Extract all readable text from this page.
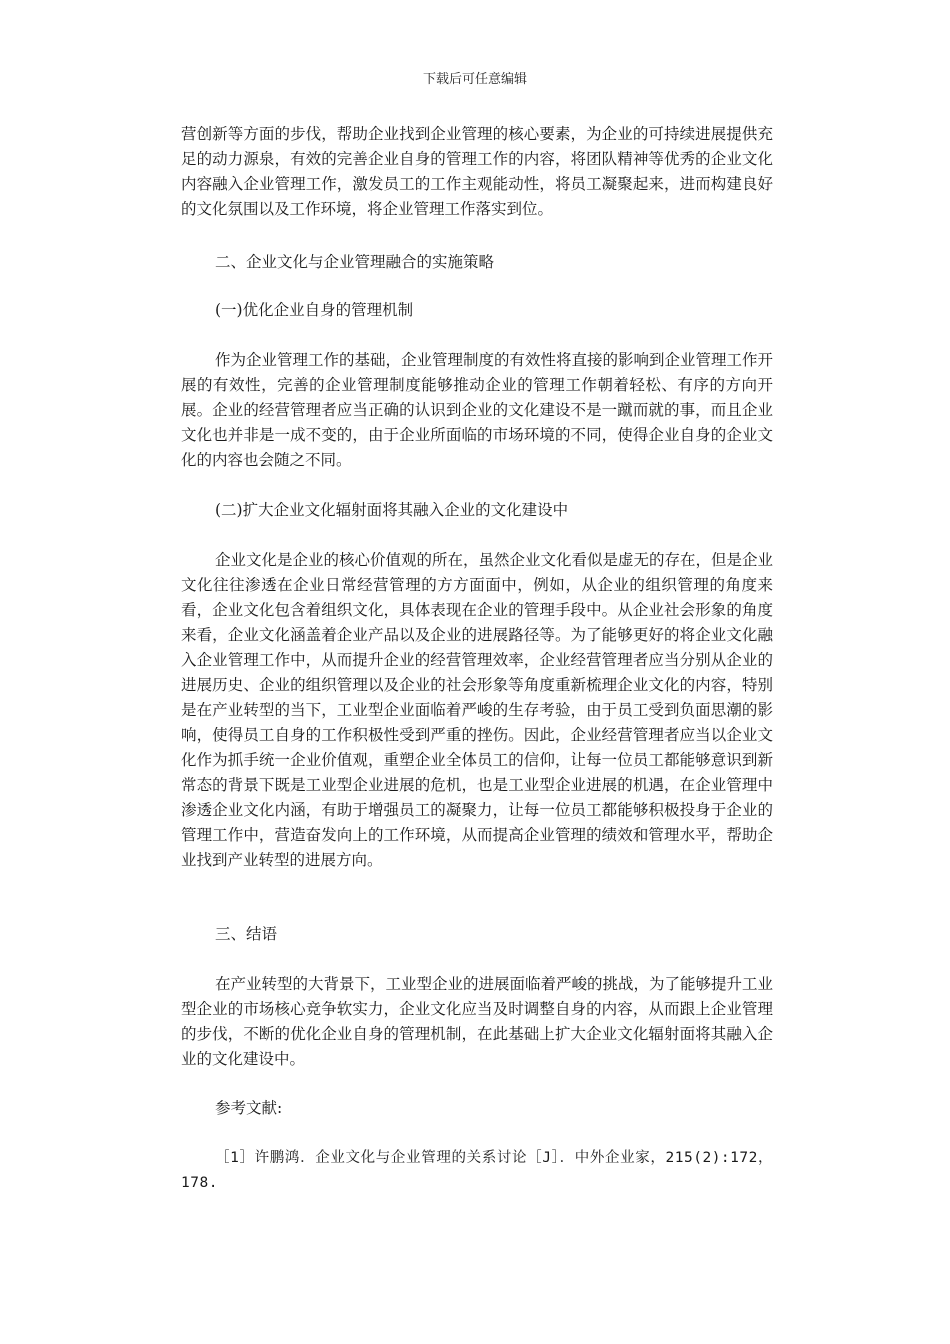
下载后可任意编辑
营创新等方面的步伐，帮助企业找到企业管理的核心要素，为企业的可持续进展提供充足的动力源泉，有效的完善企业自身的管理工作的内容，将团队精神等优秀的企业文化内容融入企业管理工作，激发员工的工作主观能动性，将员工凝聚起来，进而构建良好的文化氛围以及工作环境，将企业管理工作落实到位。
二、企业文化与企业管理融合的实施策略
(一)优化企业自身的管理机制
作为企业管理工作的基础，企业管理制度的有效性将直接的影响到企业管理工作开展的有效性，完善的企业管理制度能够推动企业的管理工作朝着轻松、有序的方向开展。企业的经营管理者应当正确的认识到企业的文化建设不是一蹴而就的事，而且企业文化也并非是一成不变的，由于企业所面临的市场环境的不同，使得企业自身的企业文化的内容也会随之不同。
(二)扩大企业文化辐射面将其融入企业的文化建设中
企业文化是企业的核心价值观的所在，虽然企业文化看似是虚无的存在，但是企业文化往往渗透在企业日常经营管理的方方面面中，例如，从企业的组织管理的角度来看，企业文化包含着组织文化，具体表现在企业的管理手段中。从企业社会形象的角度来看，企业文化涵盖着企业产品以及企业的进展路径等。为了能够更好的将企业文化融入企业管理工作中，从而提升企业的经营管理效率，企业经营管理者应当分别从企业的进展历史、企业的组织管理以及企业的社会形象等角度重新梳理企业文化的内容，特别是在产业转型的当下，工业型企业面临着严峻的生存考验，由于员工受到负面思潮的影响，使得员工自身的工作积极性受到严重的挫伤。因此，企业经营管理者应当以企业文化作为抓手统一企业价值观，重塑企业全体员工的信仰，让每一位员工都能够意识到新常态的背景下既是工业型企业进展的危机，也是工业型企业进展的机遇，在企业管理中渗透企业文化内涵，有助于增强员工的凝聚力，让每一位员工都能够积极投身于企业的管理工作中，营造奋发向上的工作环境，从而提高企业管理的绩效和管理水平，帮助企业找到产业转型的进展方向。
三、结语
在产业转型的大背景下，工业型企业的进展面临着严峻的挑战，为了能够提升工业型企业的市场核心竞争软实力，企业文化应当及时调整自身的内容，从而跟上企业管理的步伐，不断的优化企业自身的管理机制，在此基础上扩大企业文化辐射面将其融入企业的文化建设中。
参考文献:
［1］许鹏鸿．企业文化与企业管理的关系讨论［J］．中外企业家，215(2):172，178.
